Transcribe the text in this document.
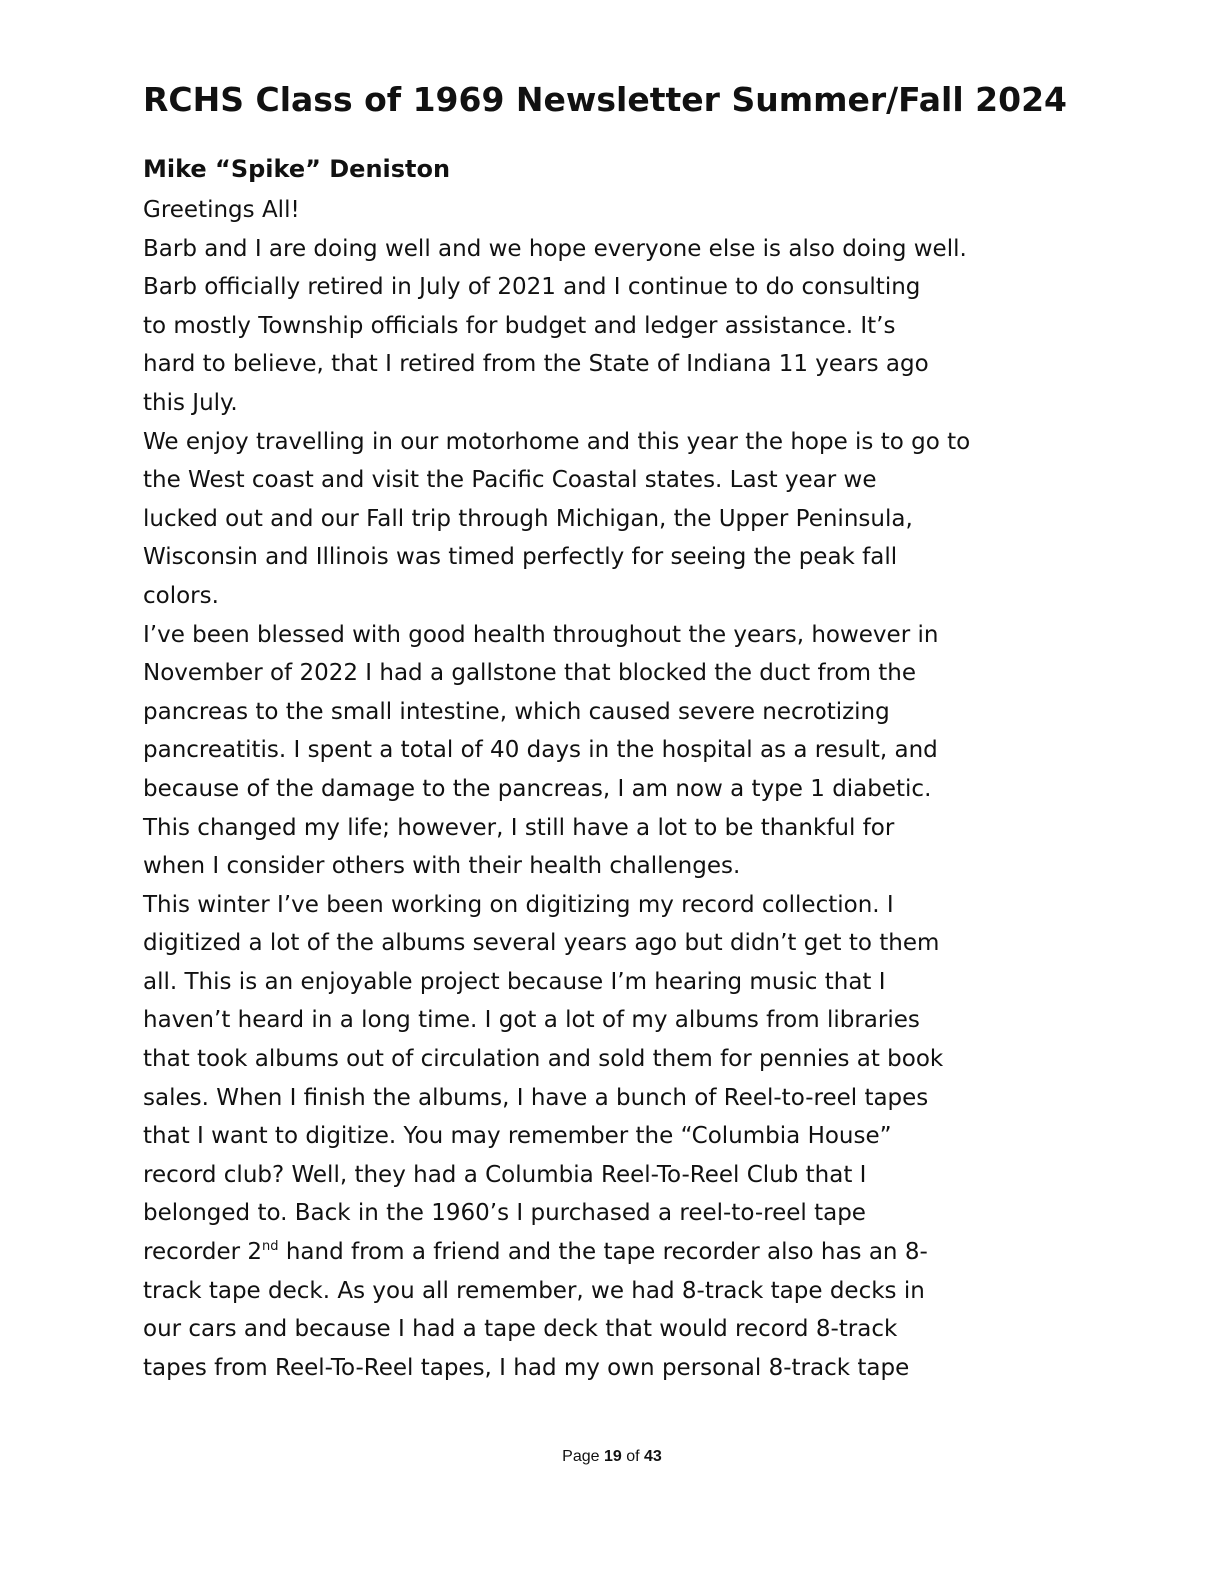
RCHS Class of 1969 Newsletter Summer/Fall 2024
Mike “Spike” Deniston
Greetings All!
Barb and I are doing well and we hope everyone else is also doing well.
Barb officially retired in July of 2021 and I continue to do consulting
to mostly Township officials for budget and ledger assistance. It’s
hard to believe, that I retired from the State of Indiana 11 years ago
this July.
We enjoy travelling in our motorhome and this year the hope is to go to
the West coast and visit the Pacific Coastal states. Last year we
lucked out and our Fall trip through Michigan, the Upper Peninsula,
Wisconsin and Illinois was timed perfectly for seeing the peak fall
colors.
I’ve been blessed with good health throughout the years, however in
November of 2022 I had a gallstone that blocked the duct from the
pancreas to the small intestine, which caused severe necrotizing
pancreatitis. I spent a total of 40 days in the hospital as a result, and
because of the damage to the pancreas, I am now a type 1 diabetic.
This changed my life; however, I still have a lot to be thankful for
when I consider others with their health challenges.
This winter I’ve been working on digitizing my record collection. I
digitized a lot of the albums several years ago but didn’t get to them
all. This is an enjoyable project because I’m hearing music that I
haven’t heard in a long time. I got a lot of my albums from libraries
that took albums out of circulation and sold them for pennies at book
sales. When I finish the albums, I have a bunch of Reel-to-reel tapes
that I want to digitize. You may remember the “Columbia House”
record club? Well, they had a Columbia Reel-To-Reel Club that I
belonged to. Back in the 1960’s I purchased a reel-to-reel tape
recorder 2nd hand from a friend and the tape recorder also has an 8-
track tape deck. As you all remember, we had 8-track tape decks in
our cars and because I had a tape deck that would record 8-track
tapes from Reel-To-Reel tapes, I had my own personal 8-track tape
Page 19 of 43
